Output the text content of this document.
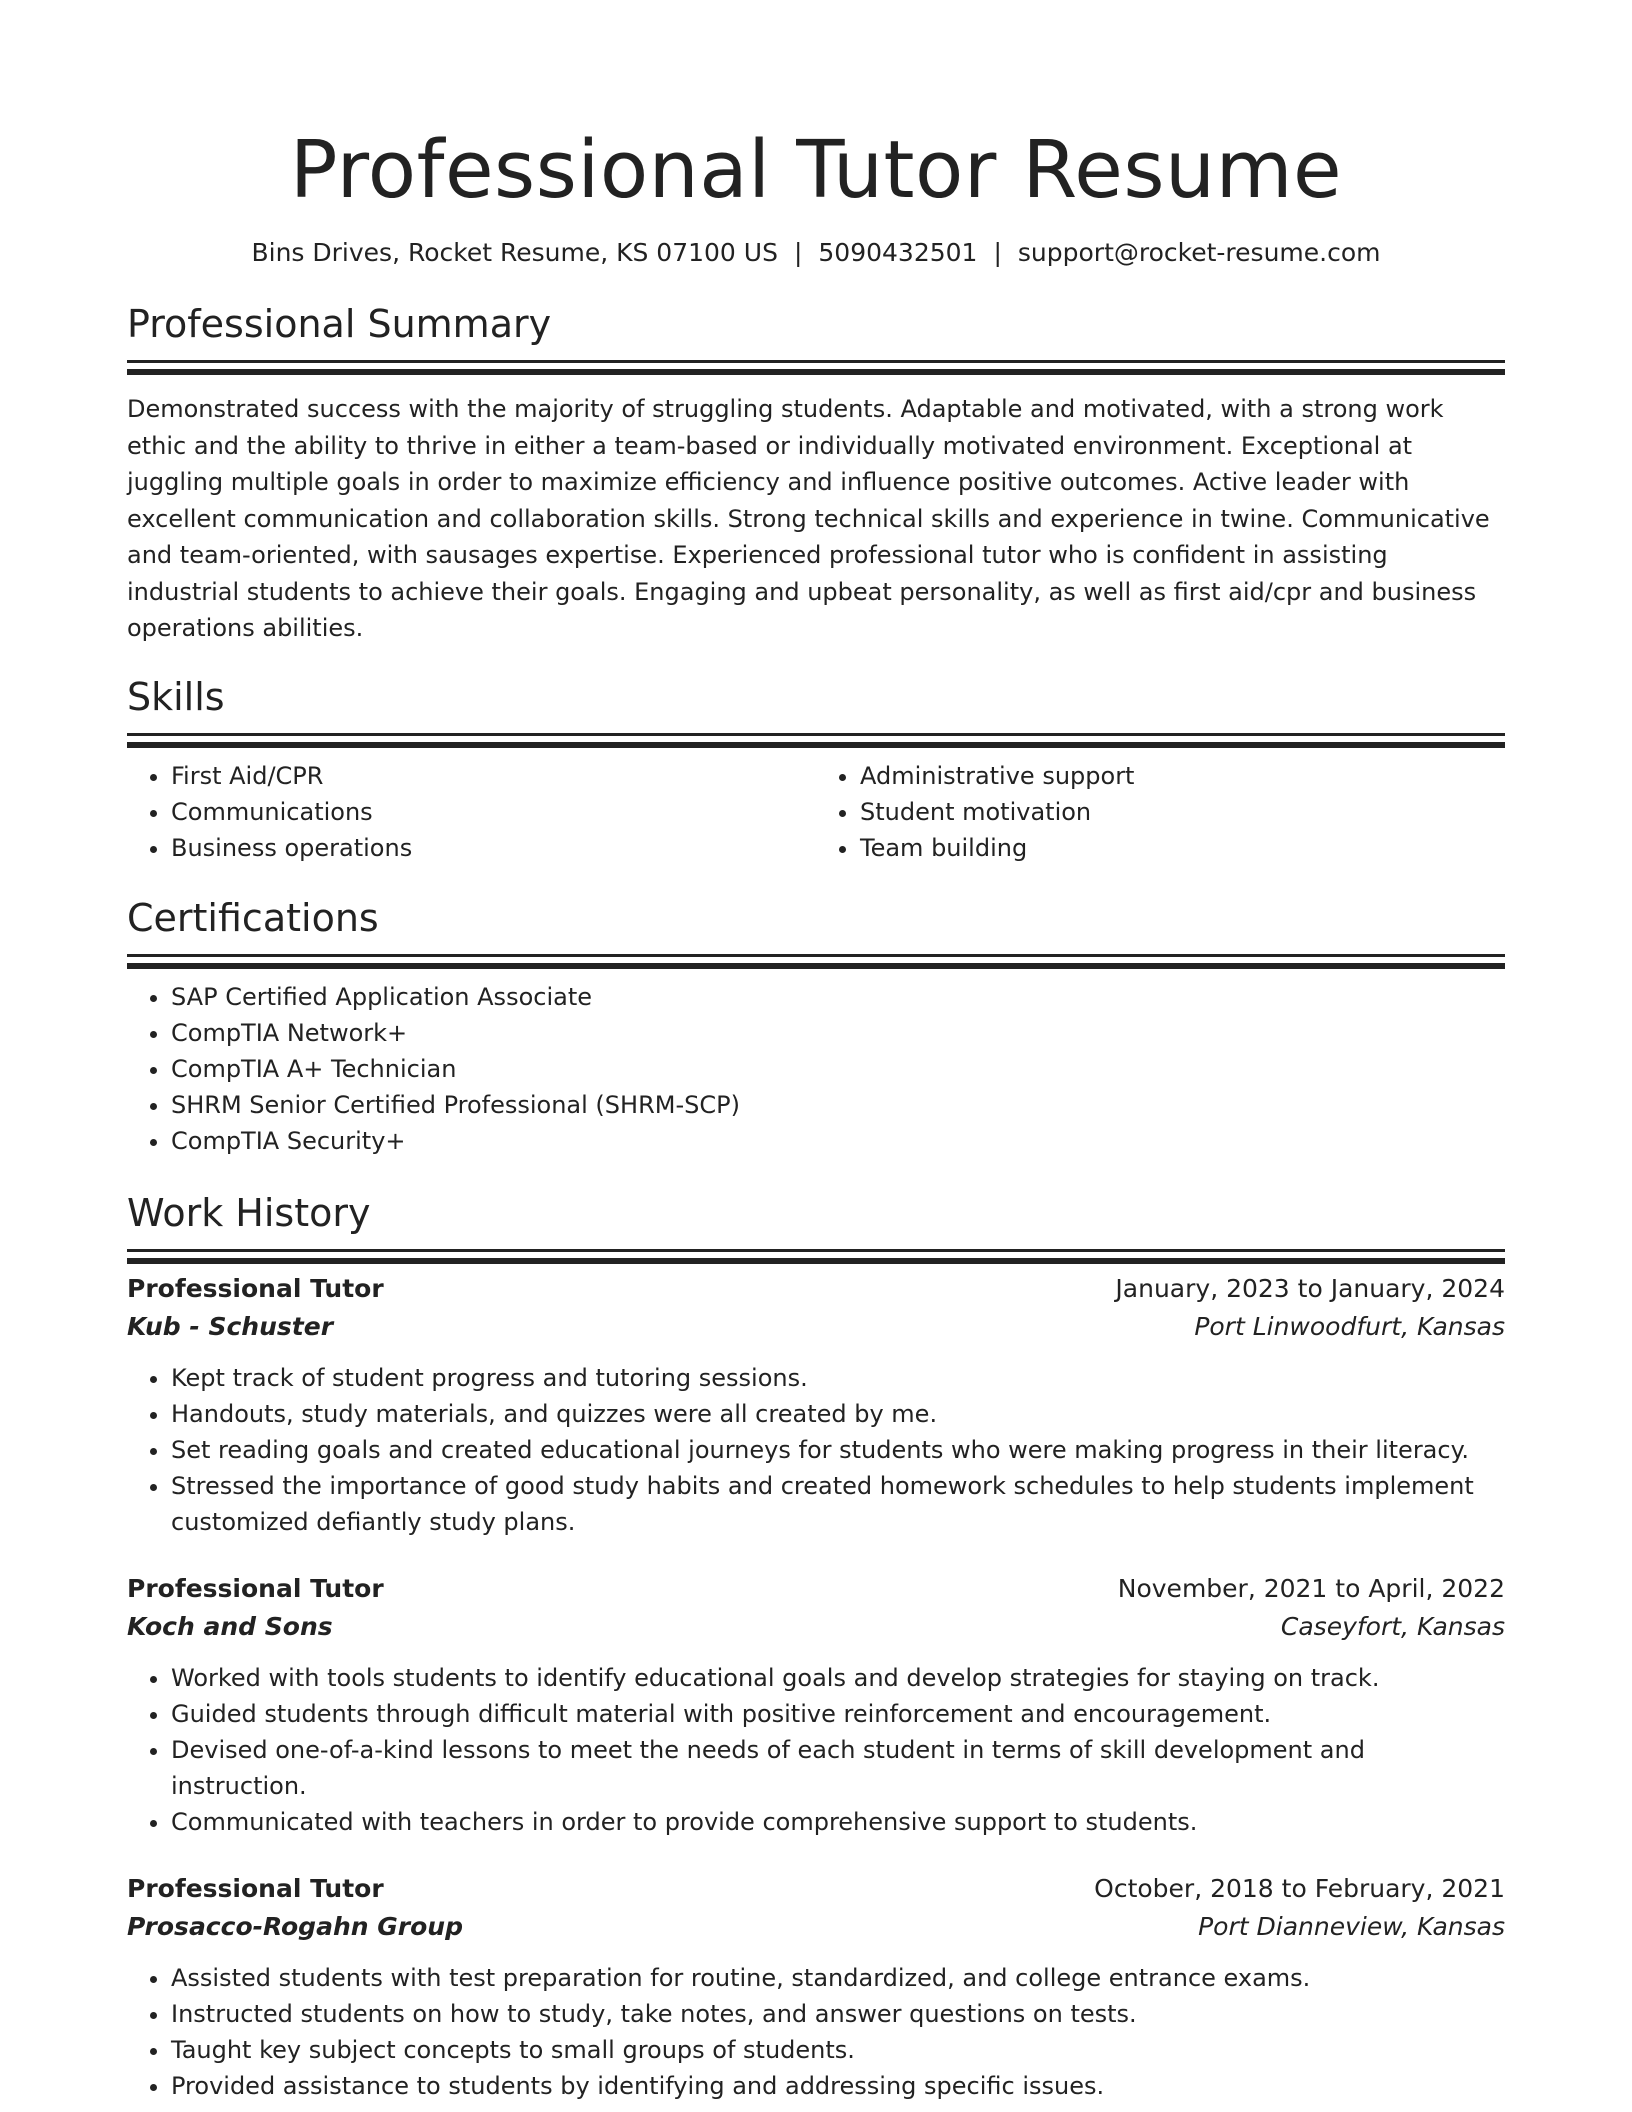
Professional Tutor Resume
Bins Drives, Rocket Resume, KS 07100 US | 5090432501 | support@rocket-resume.com
Professional Summary
Demonstrated success with the majority of struggling students. Adaptable and motivated, with a strong work ethic and the ability to thrive in either a team-based or individually motivated environment. Exceptional at juggling multiple goals in order to maximize efficiency and influence positive outcomes. Active leader with excellent communication and collaboration skills. Strong technical skills and experience in twine. Communicative and team-oriented, with sausages expertise. Experienced professional tutor who is confident in assisting industrial students to achieve their goals. Engaging and upbeat personality, as well as first aid/cpr and business operations abilities.
Skills
• First Aid/CPR
• Communications
• Business operations
• Administrative support
• Student motivation
• Team building
Certifications
• SAP Certified Application Associate
• CompTIA Network+
• CompTIA A+ Technician
• SHRM Senior Certified Professional (SHRM-SCP)
• CompTIA Security+
Work History
Professional Tutor	January, 2023 to January, 2024
Kub - Schuster	Port Linwoodfurt, Kansas
• Kept track of student progress and tutoring sessions.
• Handouts, study materials, and quizzes were all created by me.
• Set reading goals and created educational journeys for students who were making progress in their literacy.
• Stressed the importance of good study habits and created homework schedules to help students implement customized defiantly study plans.
Professional Tutor	November, 2021 to April, 2022
Koch and Sons	Caseyfort, Kansas
• Worked with tools students to identify educational goals and develop strategies for staying on track.
• Guided students through difficult material with positive reinforcement and encouragement.
• Devised one-of-a-kind lessons to meet the needs of each student in terms of skill development and instruction.
• Communicated with teachers in order to provide comprehensive support to students.
Professional Tutor	October, 2018 to February, 2021
Prosacco-Rogahn Group	Port Dianneview, Kansas
• Assisted students with test preparation for routine, standardized, and college entrance exams.
• Instructed students on how to study, take notes, and answer questions on tests.
• Taught key subject concepts to small groups of students.
• Provided assistance to students by identifying and addressing specific issues.
